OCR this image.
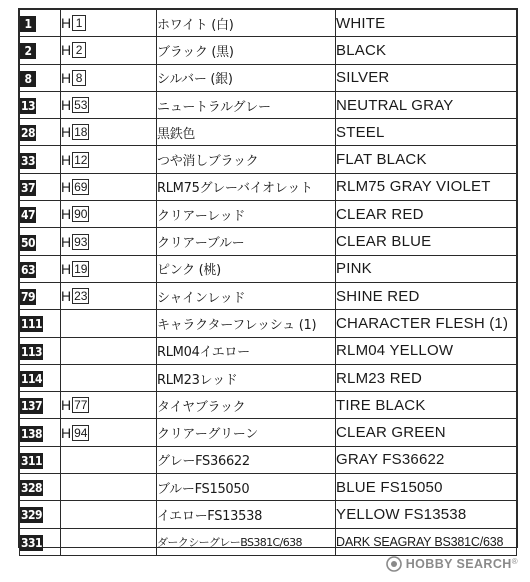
1	H 1	ホワイト (白)	WHITE
2	H 2	ブラック (黒)	BLACK
8	H 8	シルバー (銀)	SILVER
13	H 53	ニュートラルグレー	NEUTRAL GRAY
28	H 18	黒鉄色	STEEL
33	H 12	つや消しブラック	FLAT BLACK
37	H 69	RLM75グレーバイオレット	RLM75 GRAY VIOLET
47	H 90	クリアーレッド	CLEAR RED
50	H 93	クリアーブルー	CLEAR BLUE
63	H 19	ピンク (桃)	PINK
79	H 23	シャインレッド	SHINE RED
111		キャラクターフレッシュ (1)	CHARACTER FLESH (1)
113		RLM04イエロー	RLM04 YELLOW
114		RLM23レッド	RLM23 RED
137	H 77	タイヤブラック	TIRE BLACK
138	H 94	クリアーグリーン	CLEAR GREEN
311		グレーFS36622	GRAY FS36622
328		ブルーFS15050	BLUE FS15050
329		イエローFS13538	YELLOW FS13538
331		ダークシーグレーBS381C/638	DARK SEAGRAY BS381C/638
HOBBY SEARCH®
